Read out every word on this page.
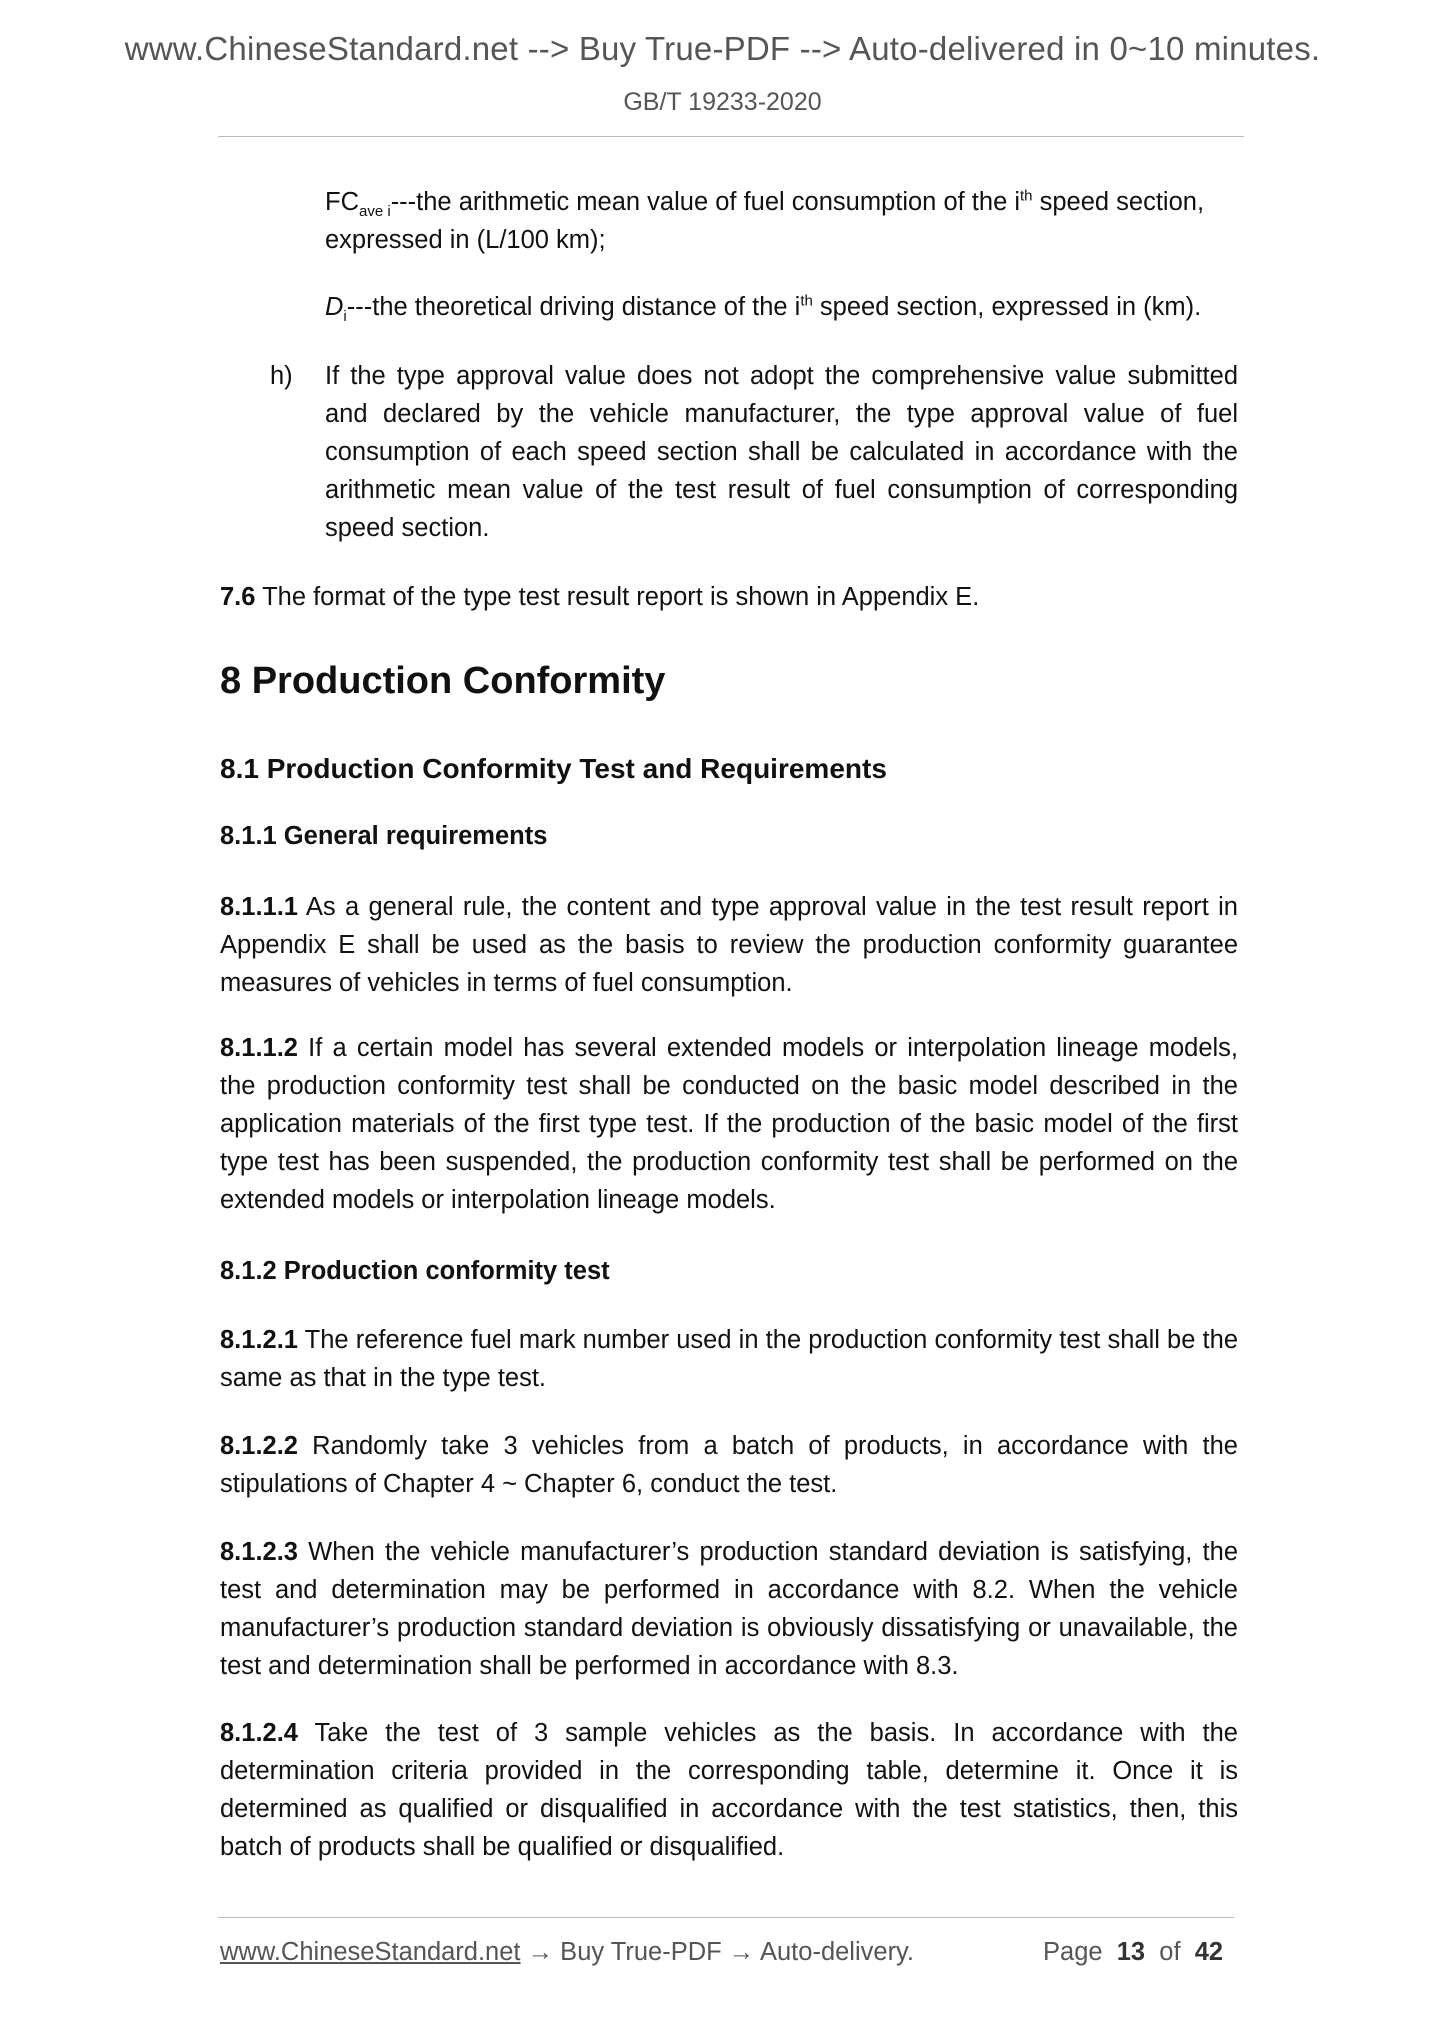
www.ChineseStandard.net --> Buy True-PDF --> Auto-delivered in 0~10 minutes.
GB/T 19233-2020
$FC_{ave i}--$-the arithmetic mean value of fuel consumption of the $i^{th}$ speed section,
expressed in (L/100 km);
$D_i--$-the theoretical driving distance of the $i^{th}$ speed section, expressed in (km).
h) If the type approval value does not adopt the comprehensive value submitted and declared by the vehicle manufacturer, the type approval value of fuel consumption of each speed section shall be calculated in accordance with the arithmetic mean value of the test result of fuel consumption of corresponding speed section.

7.6 The format of the type test result report is shown in Appendix E.

8 Production Conformity
8.1 Production Conformity Test and Requirements
8.1.1 General requirements

8.1.1.1 As a general rule, the content and type approval value in the test result report in Appendix E shall be used as the basis to review the production conformity guarantee measures of vehicles in terms of fuel consumption.

8.1.1.2 If a certain model has several extended models or interpolation lineage models, the production conformity test shall be conducted on the basic model described in the application materials of the first type test. If the production of the basic model of the first type test has been suspended, the production conformity test shall be performed on the extended models or interpolation lineage models.

8.1.2 Production conformity test

8.1.2.1 The reference fuel mark number used in the production conformity test shall be the same as that in the type test.

8.1.2.2 Randomly take 3 vehicles from a batch of products, in accordance with the stipulations of Chapter 4 ~ Chapter 6, conduct the test.

8.1.2.3 When the vehicle manufacturer’s production standard deviation is satisfying, the test and determination may be performed in accordance with 8.2. When the vehicle manufacturer’s production standard deviation is obviously dissatisfying or unavailable, the test and determination shall be performed in accordance with 8.3.

8.1.2.4 Take the test of 3 sample vehicles as the basis. In accordance with the determination criteria provided in the corresponding table, determine it. Once it is determined as qualified or disqualified in accordance with the test statistics, then, this batch of products shall be qualified or disqualified.

www.ChineseStandard.net → Buy True-PDF → Auto-delivery.	Page 13 of 42
